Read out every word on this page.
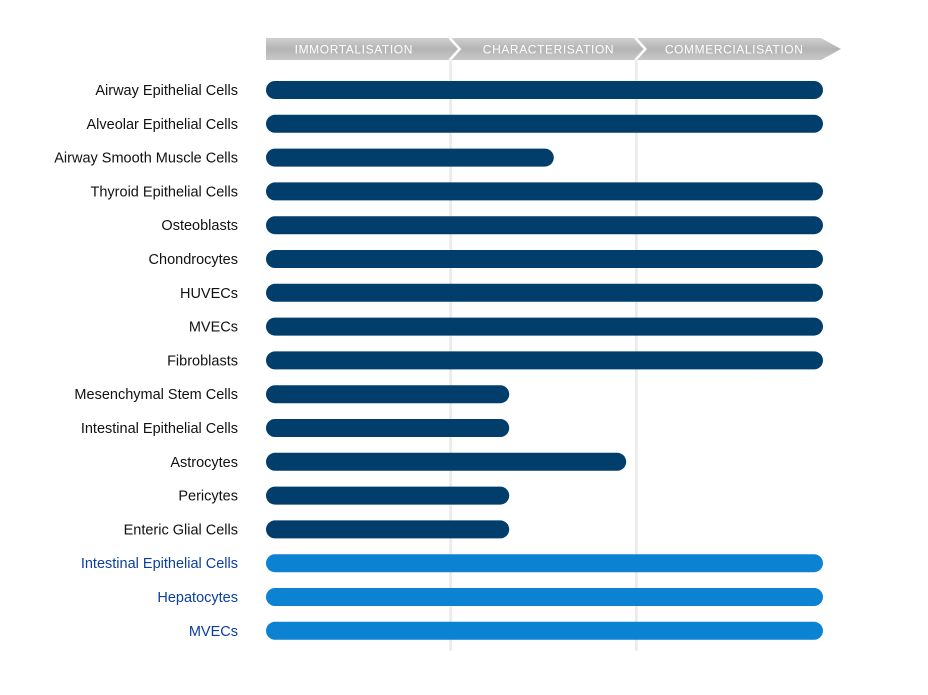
IMMORTALISATION	CHARACTERISATION	COMMERCIALISATION
Airway Epithelial Cells
Alveolar Epithelial Cells
Airway Smooth Muscle Cells
Thyroid Epithelial Cells
Osteoblasts
Chondrocytes
HUVECs
MVECs
Fibroblasts
Mesenchymal Stem Cells
Intestinal Epithelial Cells
Astrocytes
Pericytes
Enteric Glial Cells
Intestinal Epithelial Cells
Hepatocytes
MVECs
